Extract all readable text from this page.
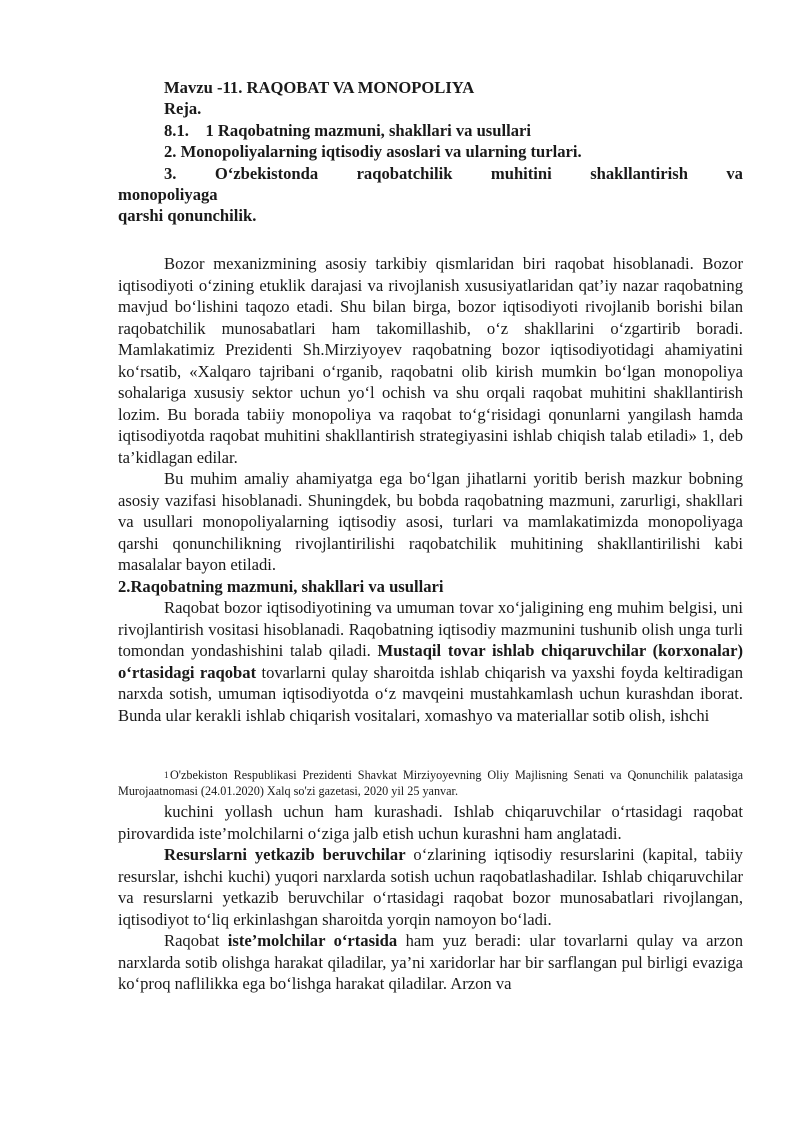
Mavzu -11. RAQOBAT VA MONOPOLIYA
Reja.
8.1.    1 Raqobatning mazmuni, shakllari va usullari
2. Monopoliyalarning iqtisodiy asoslari va ularning turlari.
3. O‘zbekistonda raqobatchilik muhitini shakllantirish va
monopoliyaga
qarshi qonunchilik.

Bozor mexanizmining asosiy tarkibiy qismlaridan biri raqobat hisoblanadi. Bozor iqtisodiyoti o‘zining etuklik darajasi va rivojlanish xususiyatlaridan qat’iy nazar raqobatning mavjud bo‘lishini taqozo etadi. Shu bilan birga, bozor iqtisodiyoti rivojlanib borishi bilan raqobatchilik munosabatlari ham takomillashib, o‘z shakllarini o‘zgartirib boradi. Mamlakatimiz Prezidenti Sh.Mirziyoyev raqobatning bozor iqtisodiyotidagi ahamiyatini ko‘rsatib, «Xalqaro tajribani o‘rganib, raqobatni olib kirish mumkin bo‘lgan monopoliya sohalariga xususiy sektor uchun yo‘l ochish va shu orqali raqobat muhitini shakllantirish lozim. Bu borada tabiiy monopoliya va raqobat to‘g‘risidagi qonunlarni yangilash hamda iqtisodiyotda raqobat muhitini shakllantirish strategiyasini ishlab chiqish talab etiladi» 1, deb ta’kidlagan edilar.

Bu muhim amaliy ahamiyatga ega bo‘lgan jihatlarni yoritib berish mazkur bobning asosiy vazifasi hisoblanadi. Shuningdek, bu bobda raqobatning mazmuni, zarurligi, shakllari va usullari monopoliyalarning iqtisodiy asosi, turlari va mamlakatimizda monopoliyaga qarshi qonunchilikning rivojlantirilishi raqobatchilik muhitining shakllantirilishi kabi masalalar bayon etiladi.

2.Raqobatning mazmuni, shakllari va usullari

Raqobat bozor iqtisodiyotining va umuman tovar xo‘jaligining eng muhim belgisi, uni rivojlantirish vositasi hisoblanadi. Raqobatning iqtisodiy mazmunini tushunib olish unga turli tomondan yondashishini talab qiladi. Mustaqil tovar ishlab chiqaruvchilar (korxonalar) o‘rtasidagi raqobat tovarlarni qulay sharoitda ishlab chiqarish va yaxshi foyda keltiradigan narxda sotish, umuman iqtisodiyotda o‘z mavqeini mustahkamlash uchun kurashdan iborat. Bunda ular kerakli ishlab chiqarish vositalari, xomashyo va materiallar sotib olish, ishchi

1 O'zbekiston Respublikasi Prezidenti Shavkat Mirziyoyevning Oliy Majlisning Senati va Qonunchilik palatasiga Murojaatnomasi (24.01.2020) Xalq so'zi gazetasi, 2020 yil 25 yanvar.

kuchini yollash uchun ham kurashadi. Ishlab chiqaruvchilar o‘rtasidagi raqobat pirovardida iste’molchilarni o‘ziga jalb etish uchun kurashni ham anglatadi.

Resurslarni yetkazib beruvchilar o‘zlarining iqtisodiy resurslarini (kapital, tabiiy resurslar, ishchi kuchi) yuqori narxlarda sotish uchun raqobatlashadilar. Ishlab chiqaruvchilar va resurslarni yetkazib beruvchilar o‘rtasidagi raqobat bozor munosabatlari rivojlangan, iqtisodiyot to‘liq erkinlashgan sharoitda yorqin namoyon bo‘ladi.

Raqobat iste’molchilar o‘rtasida ham yuz beradi: ular tovarlarni qulay va arzon narxlarda sotib olishga harakat qiladilar, ya’ni xaridorlar har bir sarflangan pul birligi evaziga ko‘proq naflilikka ega bo‘lishga harakat qiladilar. Arzon va
